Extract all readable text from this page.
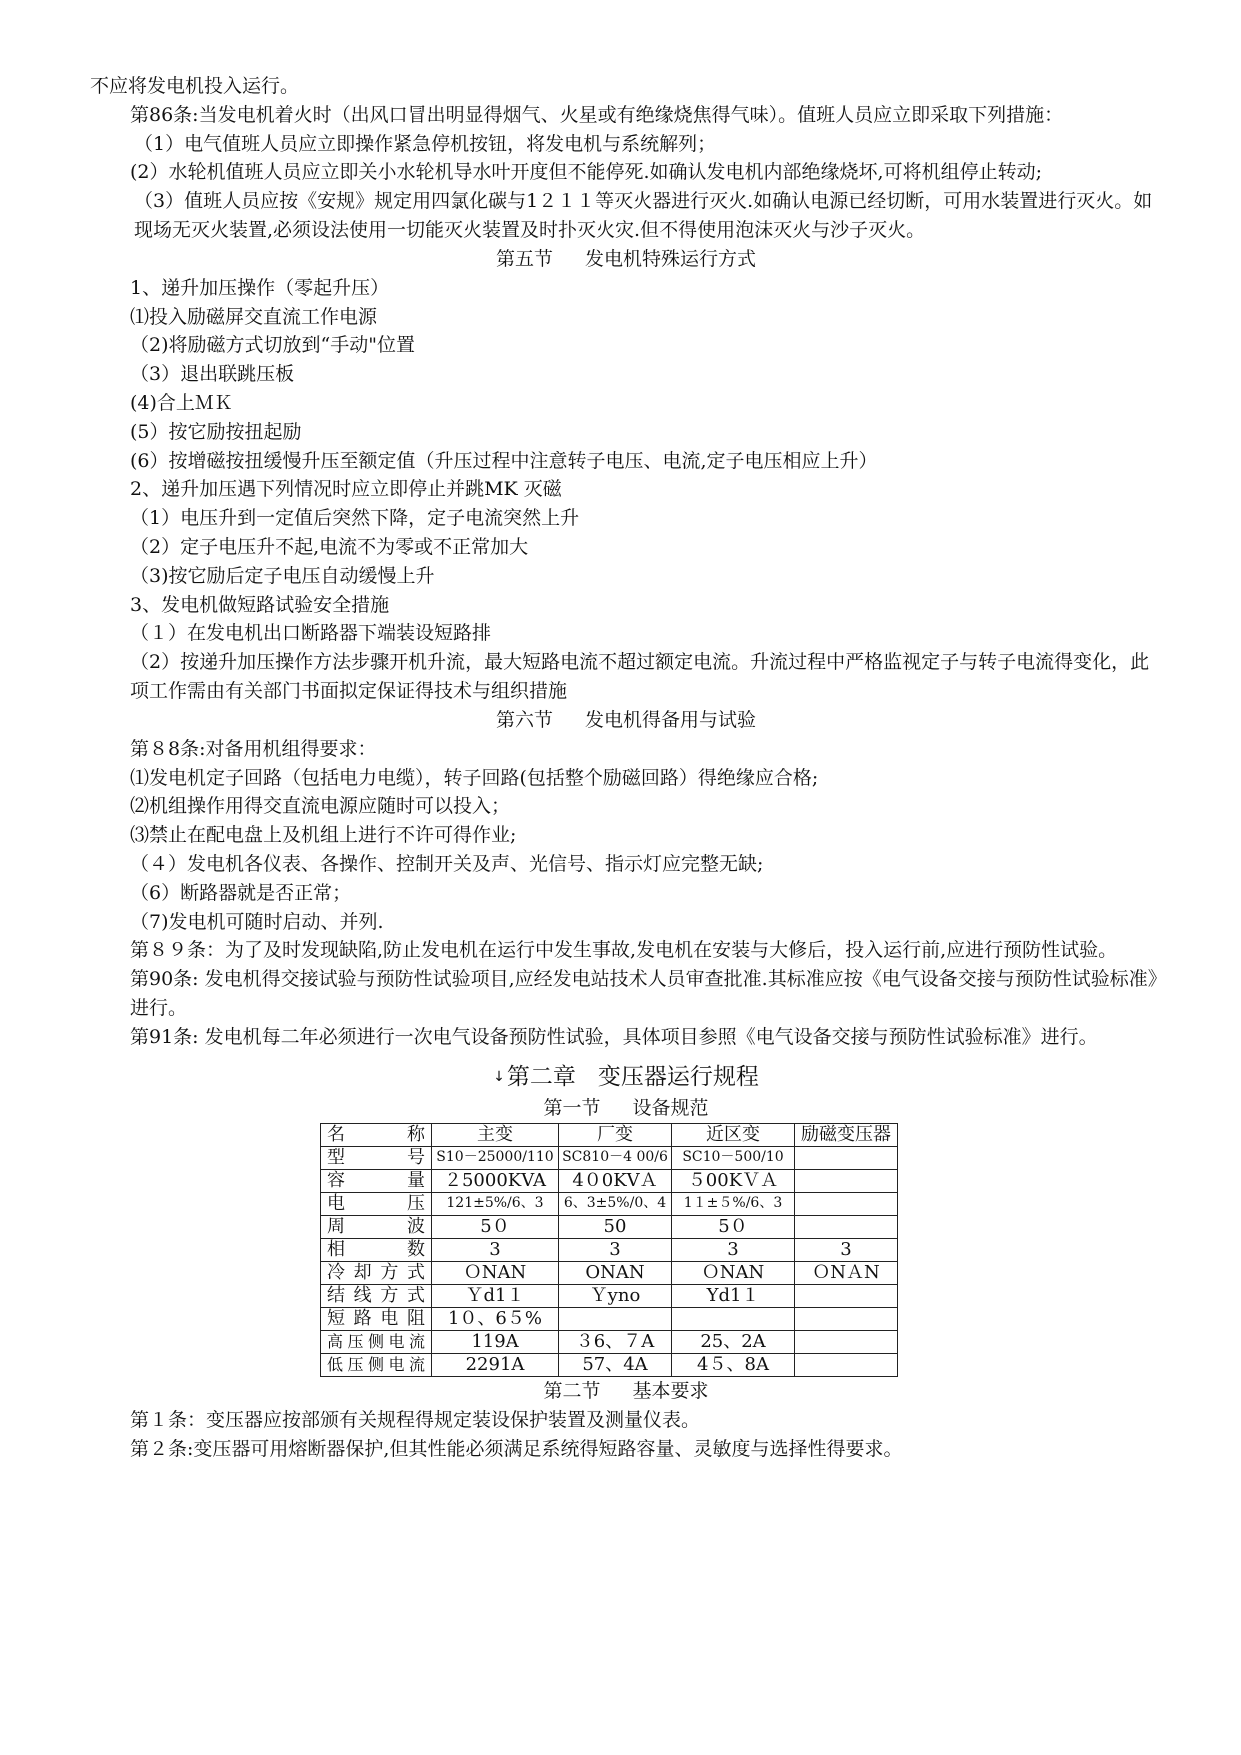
不应将发电机投入运行。
第86条:当发电机着火时（出风口冒出明显得烟气、火星或有绝缘烧焦得气味）。值班人员应立即采取下列措施：
（1）电气值班人员应立即操作紧急停机按钮，将发电机与系统解列；
(2）水轮机值班人员应立即关小水轮机导水叶开度但不能停死.如确认发电机内部绝缘烧坏,可将机组停止转动;
（3）值班人员应按《安规》规定用四氯化碳与1２１１等灭火器进行灭火.如确认电源已经切断，可用水装置进行灭火。如现场无灭火装置,必须设法使用一切能灭火装置及时扑灭火灾.但不得使用泡沫灭火与沙子灭火。
第五节 发电机特殊运行方式
1、递升加压操作（零起升压）
⑴投入励磁屏交直流工作电源
（2)将励磁方式切放到“手动"位置
（3）退出联跳压板
(4)合上ＭＫ
(5）按它励按扭起励
(6）按增磁按扭缓慢升压至额定值（升压过程中注意转子电压、电流,定子电压相应上升）
2、递升加压遇下列情况时应立即停止并跳MK 灭磁
（1）电压升到一定值后突然下降，定子电流突然上升
（2）定子电压升不起,电流不为零或不正常加大
（3)按它励后定子电压自动缓慢上升
3、发电机做短路试验安全措施
（１）在发电机出口断路器下端装设短路排
（2）按递升加压操作方法步骤开机升流，最大短路电流不超过额定电流。升流过程中严格监视定子与转子电流得变化，此项工作需由有关部门书面拟定保证得技术与组织措施
第六节 发电机得备用与试验
第８8条:对备用机组得要求：
⑴发电机定子回路（包括电力电缆），转子回路(包括整个励磁回路）得绝缘应合格;
⑵机组操作用得交直流电源应随时可以投入；
⑶禁止在配电盘上及机组上进行不许可得作业;
（４）发电机各仪表、各操作、控制开关及声、光信号、指示灯应完整无缺;
（6）断路器就是否正常；
（7)发电机可随时启动、并列.
第８９条：为了及时发现缺陷,防止发电机在运行中发生事故,发电机在安装与大修后，投入运行前,应进行预防性试验。
第90条: 发电机得交接试验与预防性试验项目,应经发电站技术人员审查批准.其标准应按《电气设备交接与预防性试验标准》进行。
第91条: 发电机每二年必须进行一次电气设备预防性试验，具体项目参照《电气设备交接与预防性试验标准》进行。
↓第二章 变压器运行规程
第一节 设备规范
名　　称	主变	厂变	近区变	励磁变压器
型　　号	S10－25000/110	SC810－4 00/6	SC10－500/10	
容　　量	２5000KVA	4０0KVＡ	５00KＶＡ	
电　　压	121±5%/6、3	6、3±5%/0、4	1１±５%/6、3	
周　　波	5０	50	5０	
相　　数	3	3	3	3
冷却方式	ＯNAN	ONAN	ＯNAN	ＯNＡN
结线方式	Ｙd1１	Ｙyno	Yd1１	
短路电阻	1０、6５%			
高压侧电流	119A	３6、７A	25、2A	
低压侧电流	2291A	57、4A	4５、8A	
第二节 基本要求
第１条：变压器应按部颁有关规程得规定装设保护装置及测量仪表。
第２条:变压器可用熔断器保护,但其性能必须满足系统得短路容量、灵敏度与选择性得要求。
